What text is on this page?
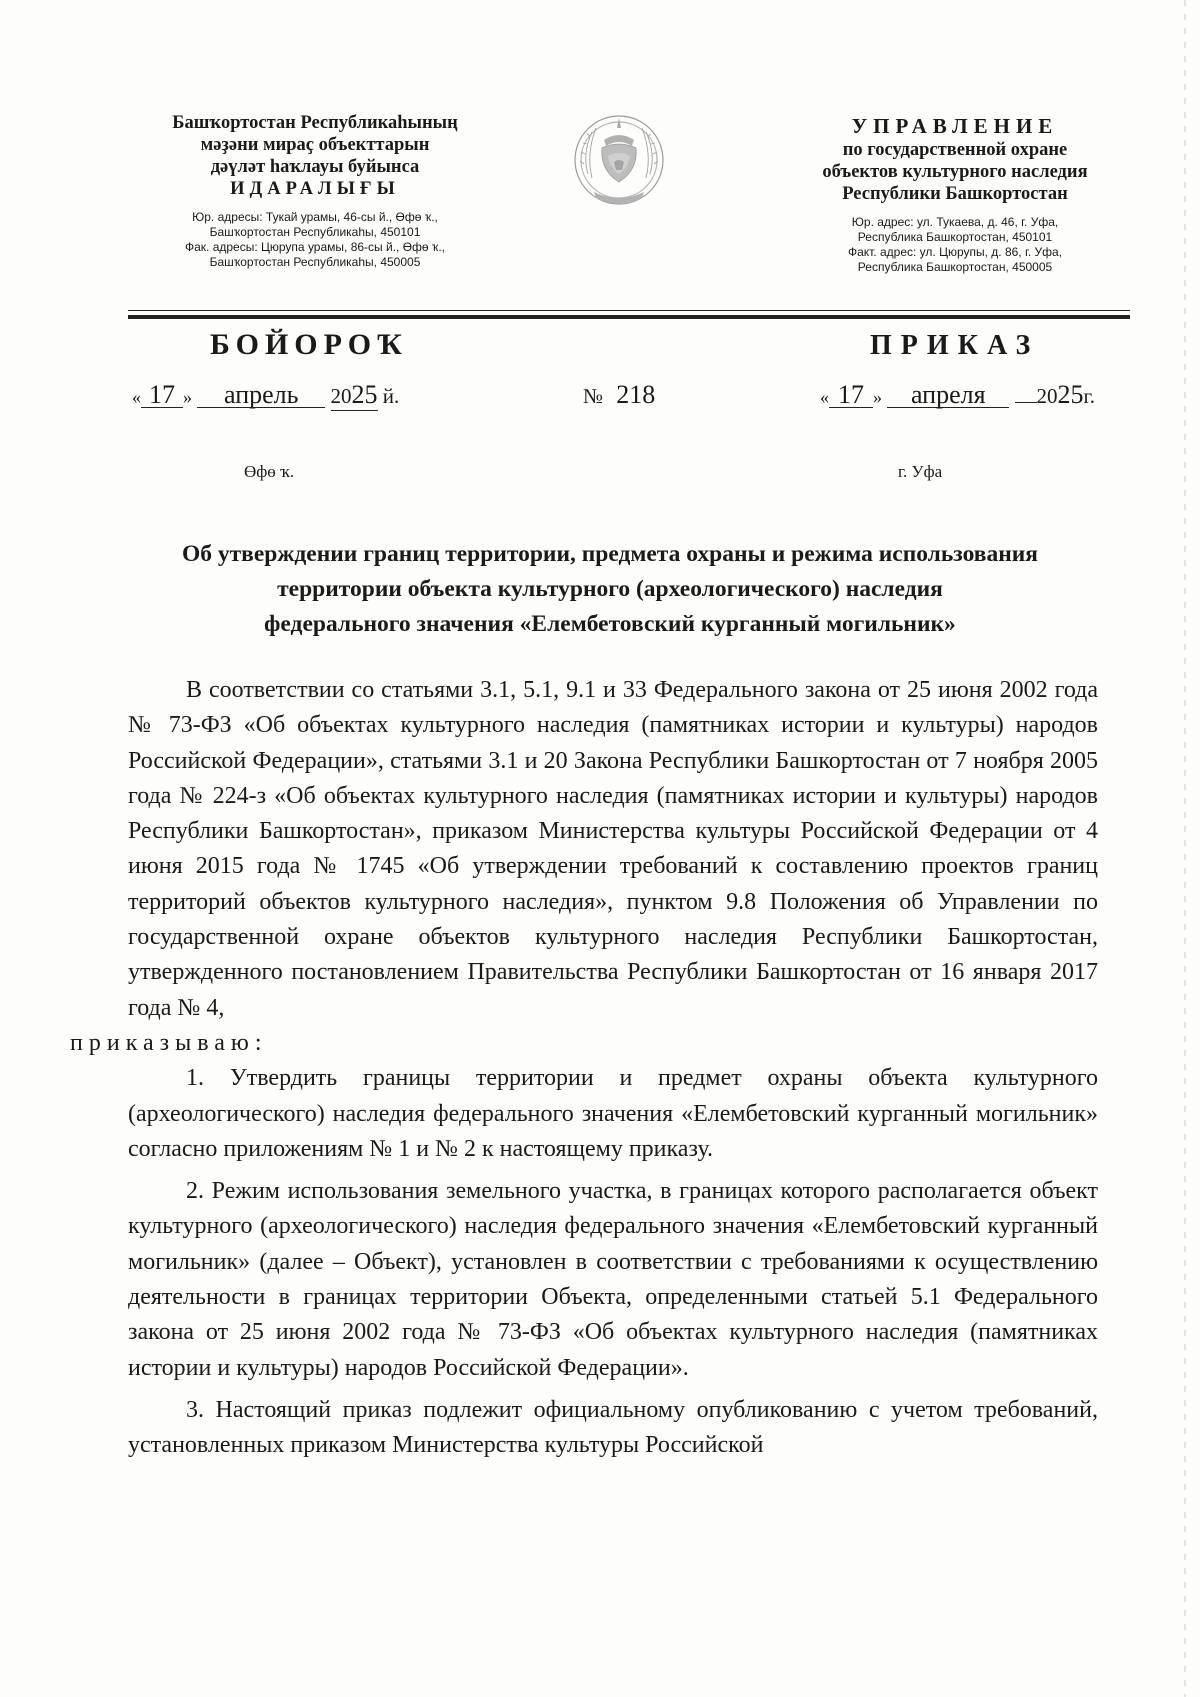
Башҡортостан Республикаһының
мәҙәни мираҫ объекттарын
дәүләт һаҡлауы буйынса
ИДАРАЛЫҒЫ
Юр. адресы: Тукай урамы, 46-сы й., Өфө ҡ.,
Башҡортостан Республикаһы, 450101
Фак. адресы: Цюрупа урамы, 86-сы й., Өфө ҡ.,
Башҡортостан Республикаһы, 450005
УПРАВЛЕНИЕ
по государственной охране
объектов культурного наследия
Республики Башкортостан
Юр. адрес: ул. Тукаева, д. 46, г. Уфа,
Республика Башкортостан, 450101
Факт. адрес: ул. Цюрупы, д. 86, г. Уфа,
Республика Башкортостан, 450005
БОЙОРОҠ	ПРИКАЗ
« 17 » апрель 2025 й.	№ 218	« 17 » апреля 2025г.
Өфө ҡ.	г. Уфа
Об утверждении границ территории, предмета охраны и режима использования
территории объекта культурного (археологического) наследия
федерального значения «Елембетовский курганный могильник»

В соответствии со статьями 3.1, 5.1, 9.1 и 33 Федерального закона от 25 июня 2002 года № 73-ФЗ «Об объектах культурного наследия (памятниках истории и культуры) народов Российской Федерации», статьями 3.1 и 20 Закона Республики Башкортостан от 7 ноября 2005 года № 224-з «Об объектах культурного наследия (памятниках истории и культуры) народов Республики Башкортостан», приказом Министерства культуры Российской Федерации от 4 июня 2015 года № 1745 «Об утверждении требований к составлению проектов границ территорий объектов культурного наследия», пунктом 9.8 Положения об Управлении по государственной охране объектов культурного наследия Республики Башкортостан, утвержденного постановлением Правительства Республики Башкортостан от 16 января 2017 года № 4,
приказываю:

1. Утвердить границы территории и предмет охраны объекта культурного (археологического) наследия федерального значения «Елембетовский курганный могильник» согласно приложениям № 1 и № 2 к настоящему приказу.

2. Режим использования земельного участка, в границах которого располагается объект культурного (археологического) наследия федерального значения «Елембетовский курганный могильник» (далее – Объект), установлен в соответствии с требованиями к осуществлению деятельности в границах территории Объекта, определенными статьей 5.1 Федерального закона от 25 июня 2002 года № 73-ФЗ «Об объектах культурного наследия (памятниках истории и культуры) народов Российской Федерации».

3. Настоящий приказ подлежит официальному опубликованию с учетом требований, установленных приказом Министерства культуры Российской
